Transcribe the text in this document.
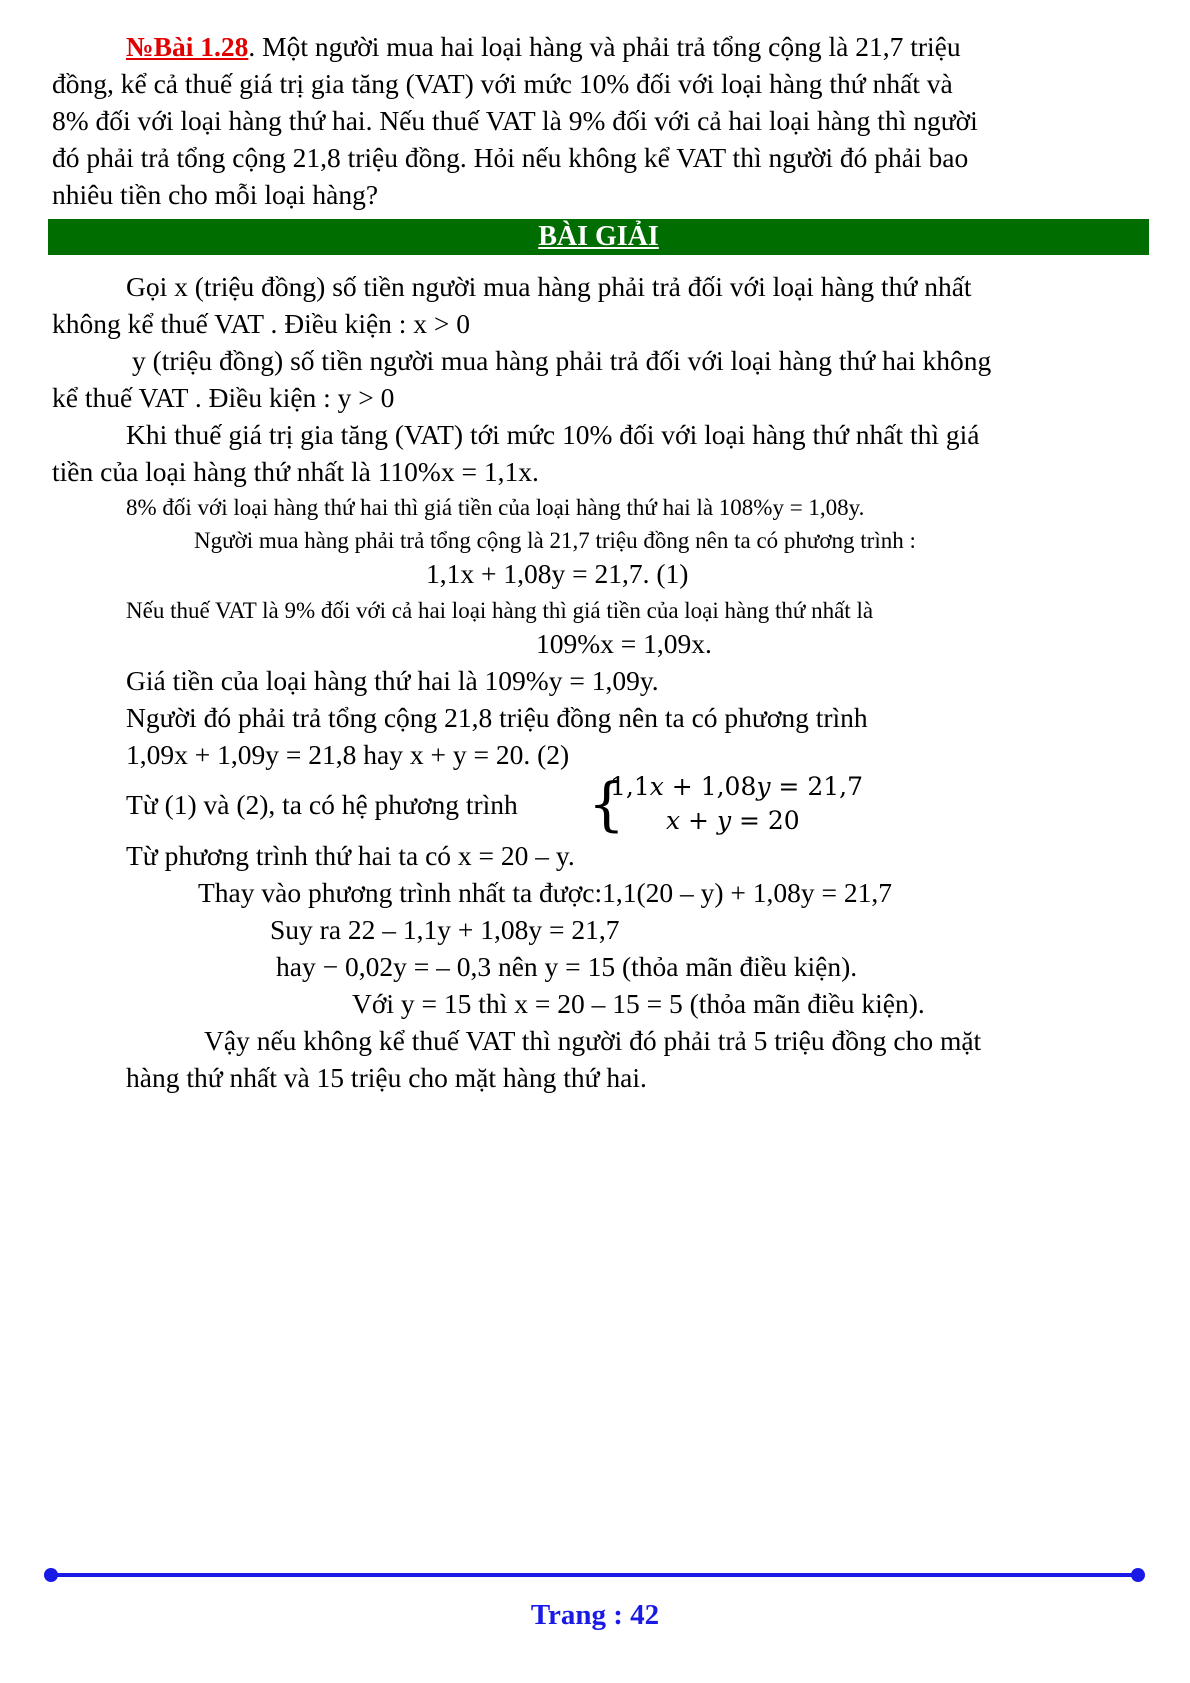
№Bài 1.28. Một người mua hai loại hàng và phải trả tổng cộng là 21,7 triệu
đồng, kể cả thuế giá trị gia tăng (VAT) với mức 10% đối với loại hàng thứ nhất và
8% đối với loại hàng thứ hai. Nếu thuế VAT là 9% đối với cả hai loại hàng thì người
đó phải trả tổng cộng 21,8 triệu đồng. Hỏi nếu không kể VAT thì người đó phải bao
nhiêu tiền cho mỗi loại hàng?
BÀI GIẢI
Gọi x (triệu đồng) số tiền người mua hàng phải trả đối với loại hàng thứ nhất
không kể thuế VAT . Điều kiện : x > 0
y (triệu đồng) số tiền người mua hàng phải trả đối với loại hàng thứ hai không
kể thuế VAT . Điều kiện : y > 0
Khi thuế giá trị gia tăng (VAT) tới mức 10% đối với loại hàng thứ nhất thì giá
tiền của loại hàng thứ nhất là 110%x = 1,1x.
8% đối với loại hàng thứ hai thì giá tiền của loại hàng thứ hai là 108%y = 1,08y.
Người mua hàng phải trả tổng cộng là 21,7 triệu đồng nên ta có phương trình :
1,1x + 1,08y = 21,7. (1)
Nếu thuế VAT là 9% đối với cả hai loại hàng thì giá tiền của loại hàng thứ nhất là
109%x = 1,09x.
Giá tiền của loại hàng thứ hai là 109%y = 1,09y.
Người đó phải trả tổng cộng 21,8 triệu đồng nên ta có phương trình
1,09x + 1,09y = 21,8 hay x + y = 20. (2)
Từ (1) và (2), ta có hệ phương trình {
1,1𝑥 + 1,08𝑦 = 21,7
𝑥 + 𝑦 = 20
Từ phương trình thứ hai ta có x = 20 – y.
Thay vào phương trình nhất ta được:1,1(20 – y) + 1,08y = 21,7
Suy ra 22 – 1,1y + 1,08y = 21,7
hay − 0,02y = – 0,3 nên y = 15 (thỏa mãn điều kiện).
Với y = 15 thì x = 20 – 15 = 5 (thỏa mãn điều kiện).
Vậy nếu không kể thuế VAT thì người đó phải trả 5 triệu đồng cho mặt
hàng thứ nhất và 15 triệu cho mặt hàng thứ hai.
Trang : 42
